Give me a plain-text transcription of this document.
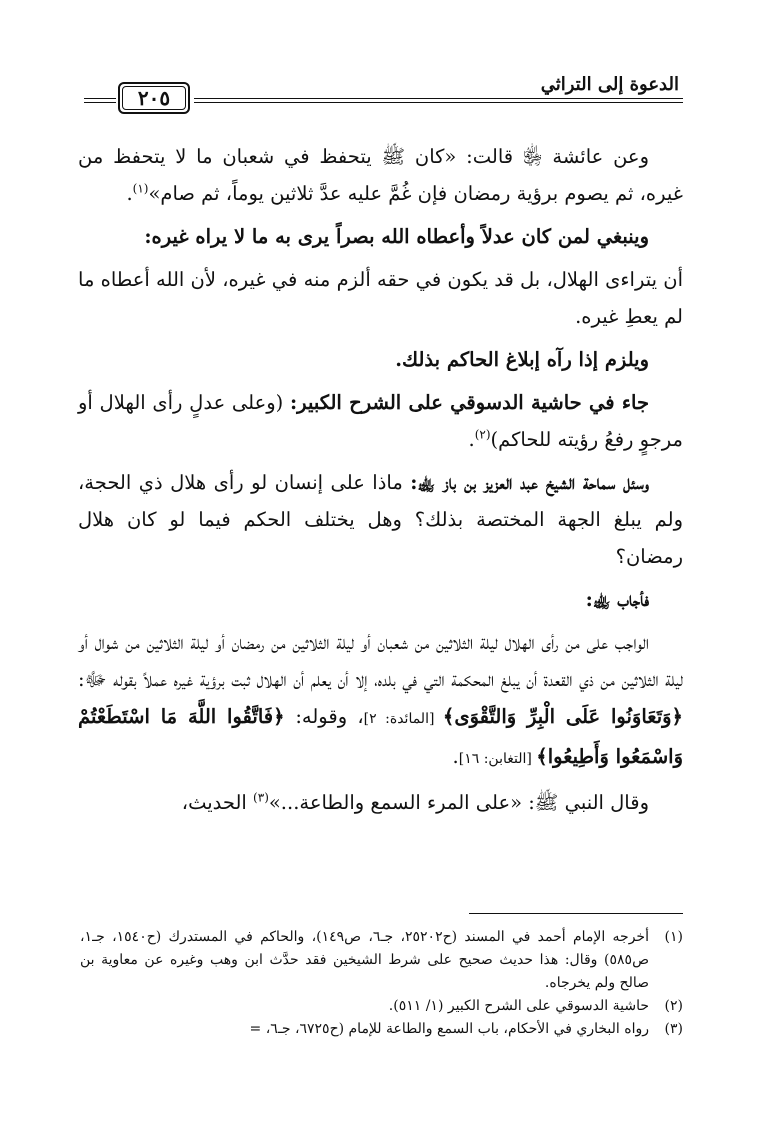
الدعوة إلى التراثي
٢٠٥

وعن عائشة ﵂ قالت: «كان ﷺ يتحفظ في شعبان ما لا يتحفظ من غيره، ثم يصوم برؤية رمضان فإن غُمَّ عليه عدَّ ثلاثين يوماً، ثم صام»$^{(١)}$.

وينبغي لمن كان عدلاً وأعطاه الله بصراً يرى به ما لا يراه غيره:

أن يتراءى الهلال، بل قد يكون في حقه ألزم منه في غيره، لأن الله أعطاه ما لم يعطِ غيره.

ويلزم إذا رآه إبلاغ الحاكم بذلك.

جاء في حاشية الدسوقي على الشرح الكبير: (وعلى عدلٍ رأى الهلال أو مرجوٍ رفعُ رؤيته للحاكم)$^{(٢)}$.

وسئل سماحة الشيخ عبد العزيز بن باز ﵀: ماذا على إنسان لو رأى هلال ذي الحجة، ولم يبلغ الجهة المختصة بذلك؟ وهل يختلف الحكم فيما لو كان هلال رمضان؟

فأجاب ﵀:

الواجب على من رأى الهلال ليلة الثلاثين من شعبان أو ليلة الثلاثين من رمضان أو ليلة الثلاثين من شوال أو ليلة الثلاثين من ذي القعدة أن يبلغ المحكمة التي في بلده، إلا أن يعلم أن الهلال ثبت برؤية غيره عملاً بقوله ﷻ: ﴿وَتَعَاوَنُوا عَلَى الْبِرِّ وَالتَّقْوَى﴾ [المائدة: ٢]، وقوله: ﴿فَاتَّقُوا اللَّهَ مَا اسْتَطَعْتُمْ وَاسْمَعُوا وَأَطِيعُوا﴾ [التغابن: ١٦].

وقال النبي ﷺ: «على المرء السمع والطاعة...»$^{(٣)}$ الحديث،

(١)
أخرجه الإمام أحمد في المسند (ح٢٥٢٠٢، جـ٦، ص١٤٩)، والحاكم في المستدرك (ح١٥٤٠، جـ١، ص٥٨٥) وقال: هذا حديث صحيح على شرط الشيخين فقد حدَّث ابن وهب وغيره عن معاوية بن صالح ولم يخرجاه.
(٢)
حاشية الدسوقي على الشرح الكبير (١/ ٥١١).
(٣)
رواه البخاري في الأحكام، باب السمع والطاعة للإمام (ح٦٧٢٥، جـ٦، =
